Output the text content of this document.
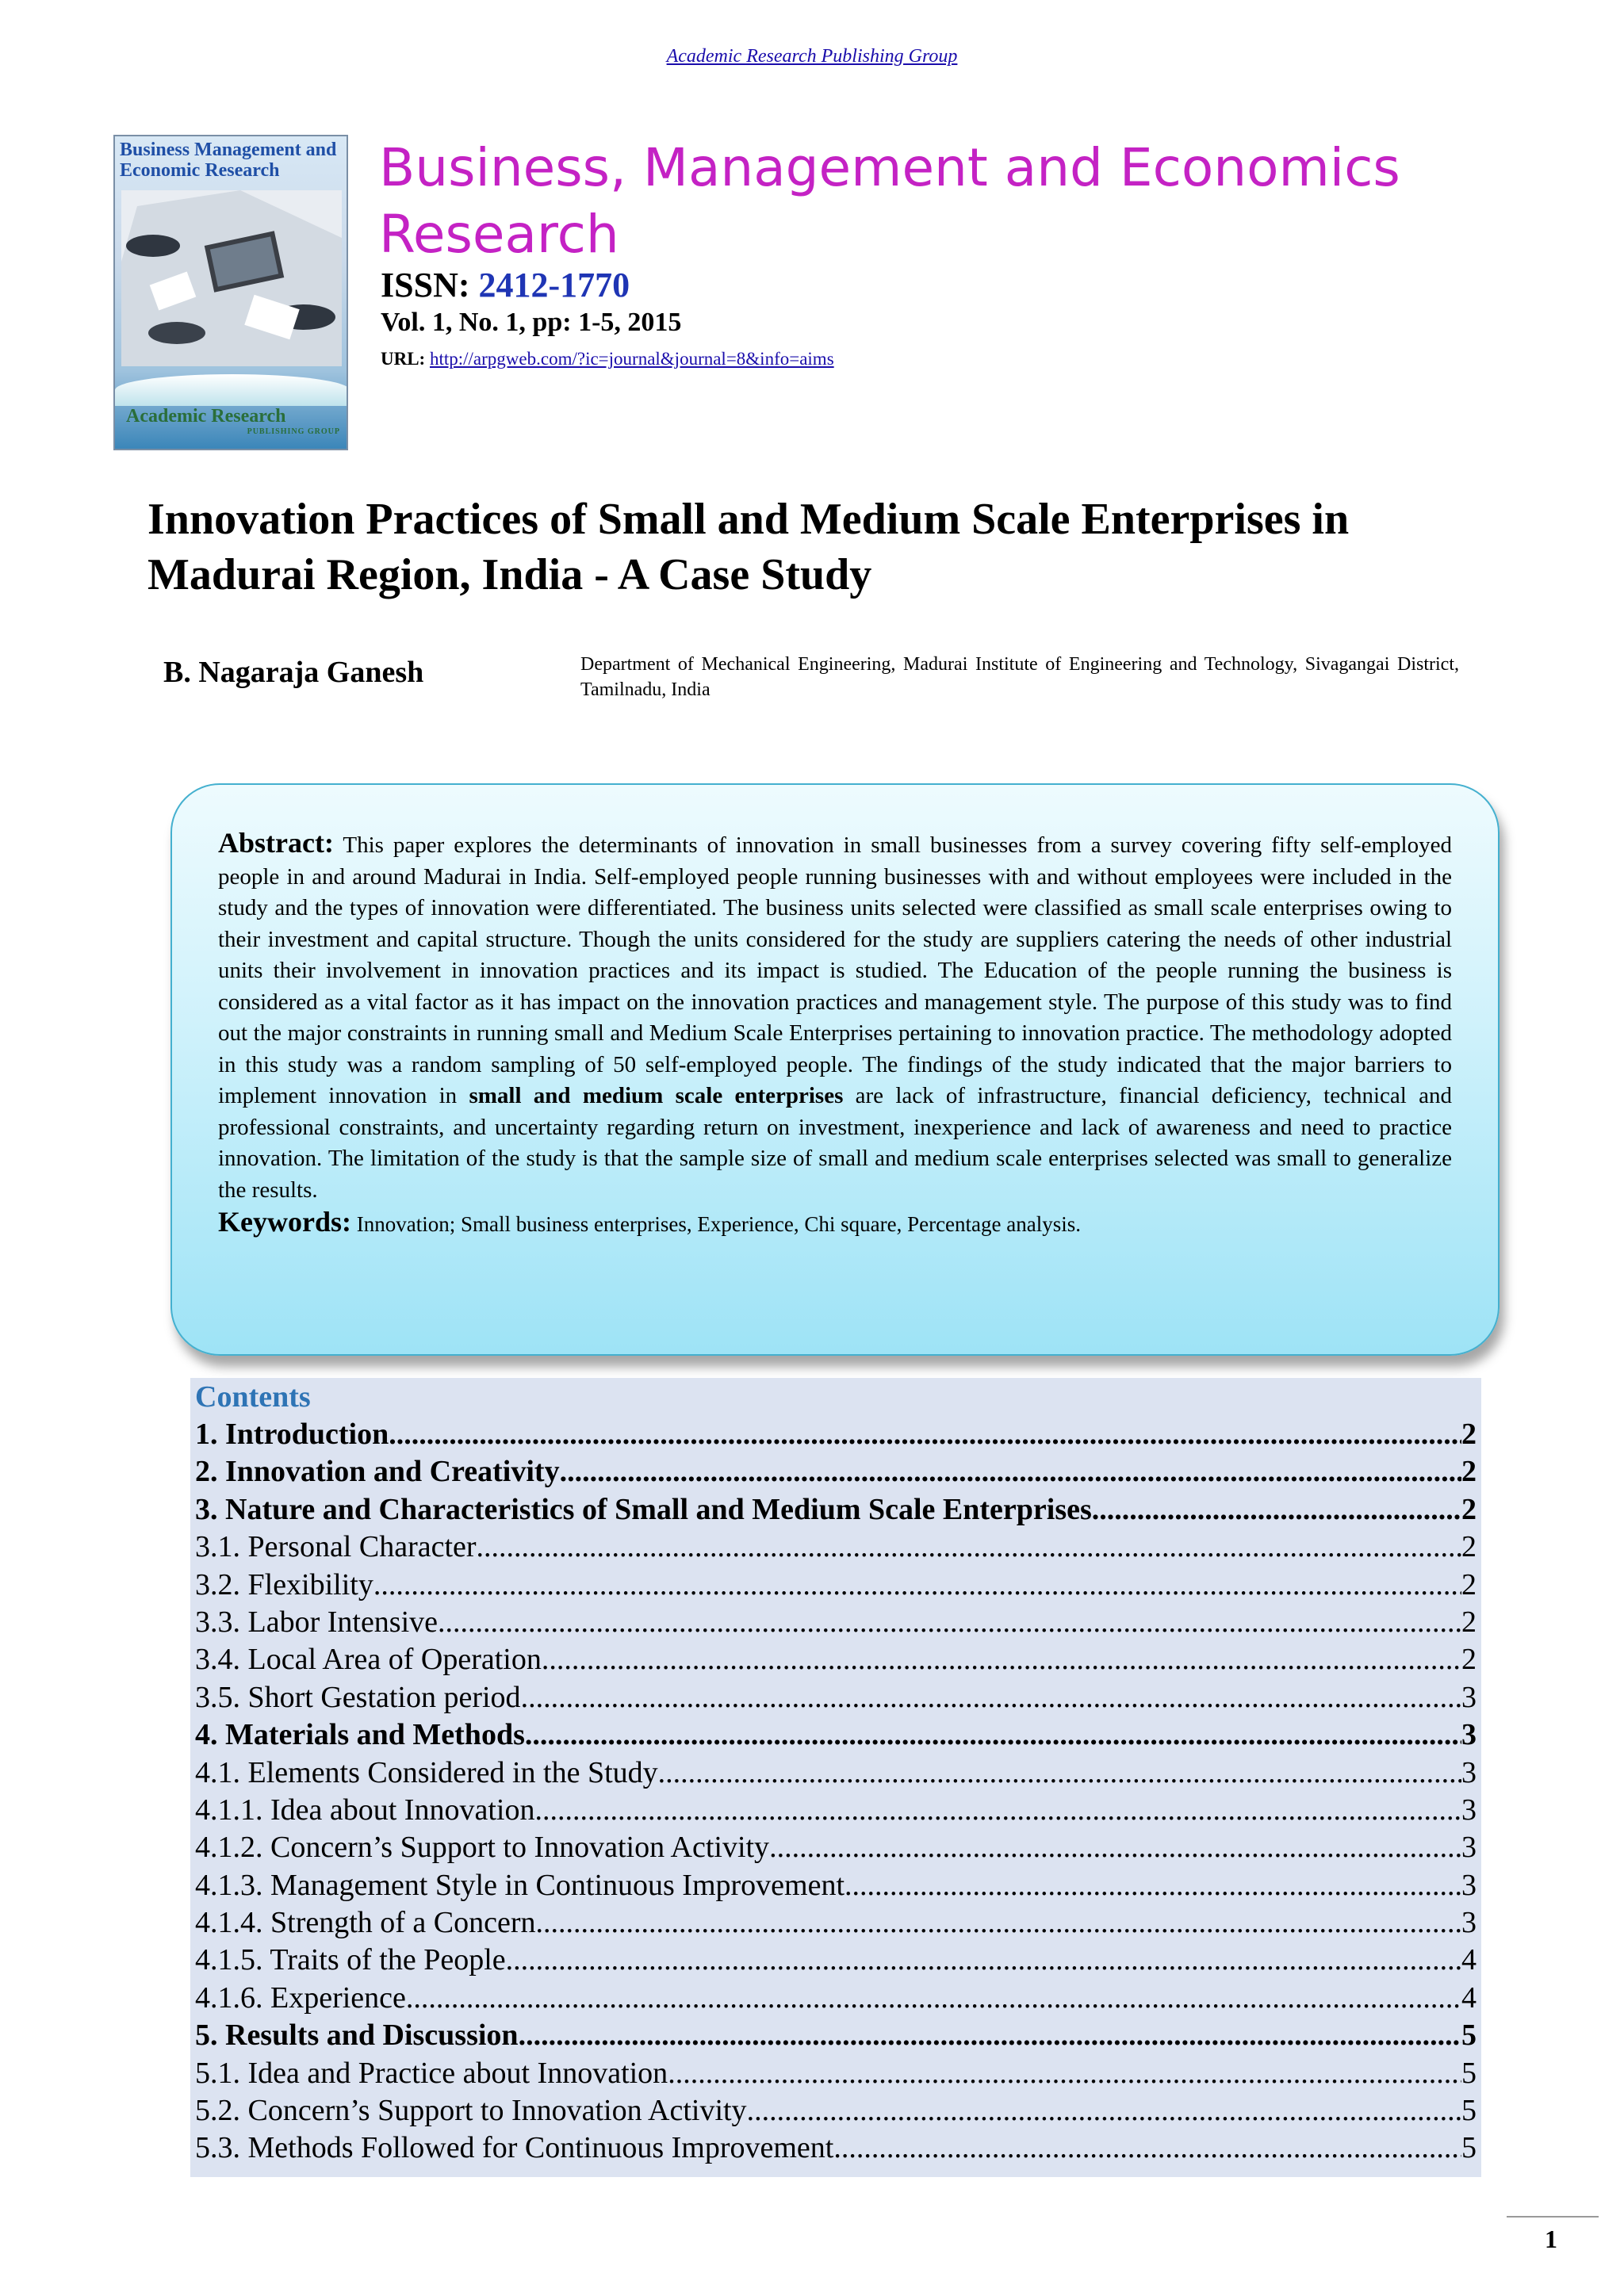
Academic Research Publishing Group
Business Management and Economic Research
Academic Research
PUBLISHING GROUP
Business, Management and Economics Research
ISSN: 2412-1770
Vol. 1, No. 1, pp: 1-5, 2015
URL: http://arpgweb.com/?ic=journal&journal=8&info=aims
Innovation Practices of Small and Medium Scale Enterprises in Madurai Region, India - A Case Study
B. Nagaraja Ganesh	Department of Mechanical Engineering, Madurai Institute of Engineering and Technology, Sivagangai District, Tamilnadu, India
Abstract: This paper explores the determinants of innovation in small businesses from a survey covering fifty self-employed people in and around Madurai in India. Self-employed people running businesses with and without employees were included in the study and the types of innovation were differentiated. The business units selected were classified as small scale enterprises owing to their investment and capital structure. Though the units considered for the study are suppliers catering the needs of other industrial units their involvement in innovation practices and its impact is studied. The Education of the people running the business is considered as a vital factor as it has impact on the innovation practices and management style. The purpose of this study was to find out the major constraints in running small and Medium Scale Enterprises pertaining to innovation practice. The methodology adopted in this study was a random sampling of 50 self-employed people. The findings of the study indicated that the major barriers to implement innovation in small and medium scale enterprises are lack of infrastructure, financial deficiency, technical and professional constraints, and uncertainty regarding return on investment, inexperience and lack of awareness and need to practice innovation. The limitation of the study is that the sample size of small and medium scale enterprises selected was small to generalize the results.
Keywords: Innovation; Small business enterprises, Experience, Chi square, Percentage analysis.
Contents
1. Introduction .....	2
2. Innovation and Creativity .....	2
3. Nature and Characteristics of Small and Medium Scale Enterprises .....	2
3.1. Personal Character .....	2
3.2. Flexibility .....	2
3.3. Labor Intensive .....	2
3.4. Local Area of Operation .....	2
3.5. Short Gestation period .....	3
4. Materials and Methods .....	3
4.1. Elements Considered in the Study .....	3
4.1.1. Idea about Innovation .....	3
4.1.2. Concern’s Support to Innovation Activity .....	3
4.1.3. Management Style in Continuous Improvement .....	3
4.1.4. Strength of a Concern .....	3
4.1.5. Traits of the People .....	4
4.1.6. Experience .....	4
5. Results and Discussion .....	5
5.1. Idea and Practice about Innovation .....	5
5.2. Concern’s Support to Innovation Activity .....	5
5.3. Methods Followed for Continuous Improvement .....	5
1
